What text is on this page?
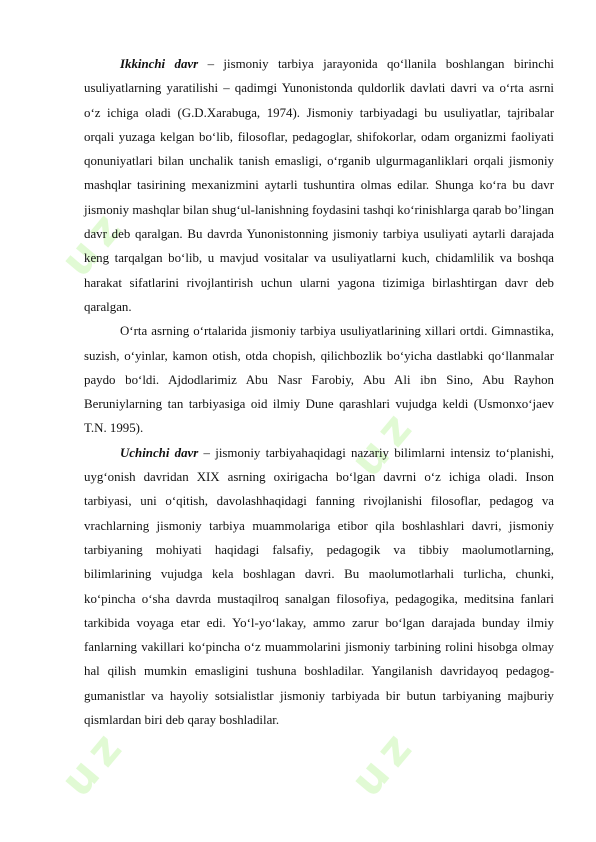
uz
uz
uz	uz

Ikkinchi davr – jismoniy tarbiya jarayonida qo‘llanila boshlangan birinchi usuliyatlarning yaratilishi – qadimgi Yunonistonda quldorlik davlati davri va o‘rta asrni o‘z ichiga oladi (G.D.Xarabuga, 1974). Jismoniy tarbiyadagi bu usuliyatlar, tajribalar orqali yuzaga kelgan bo‘lib, filosoflar, pedagoglar, shifokorlar, odam organizmi faoliyati qonuniyatlari bilan unchalik tanish emasligi, o‘rganib ulgurmaganliklari orqali jismoniy mashqlar tasirining mexanizmini aytarli tushuntira olmas edilar. Shunga ko‘ra bu davr jismoniy mashqlar bilan shug‘ul-lanishning foydasini tashqi ko‘rinishlarga qarab bo’lingan davr deb qaralgan. Bu davrda Yunonistonning jismoniy tarbiya usuliyati aytarli darajada keng tarqalgan bo‘lib, u mavjud vositalar va usuliyatlarni kuch, chidamlilik va boshqa harakat sifatlarini rivojlantirish uchun ularni yagona tizimiga birlashtirgan davr deb qaralgan.

O‘rta asrning o‘rtalarida jismoniy tarbiya usuliyatlarining xillari ortdi. Gimnastika, suzish, o‘yinlar, kamon otish, otda chopish, qilichbozlik bo‘yicha dastlabki qo‘llanmalar paydo bo‘ldi. Ajdodlarimiz Abu Nasr Farobiy, Abu Ali ibn Sino, Abu Rayhon Beruniylarning tan tarbiyasiga oid ilmiy Dune qarashlari vujudga keldi (Usmonxo‘jaev T.N. 1995).

Uchinchi davr – jismoniy tarbiyahaqidagi nazariy bilimlarni intensiz to‘planishi, uyg‘onish davridan XIX asrning oxirigacha bo‘lgan davrni o‘z ichiga oladi. Inson tarbiyasi, uni o‘qitish, davolashhaqidagi fanning rivojlanishi filosoflar, pedagog va vrachlarning jismoniy tarbiya muammolariga etibor qila boshlashlari davri, jismoniy tarbiyaning mohiyati haqidagi falsafiy, pedagogik va tibbiy maolumotlarning, bilimlarining vujudga kela boshlagan davri. Bu maolumotlarhali turlicha, chunki, ko‘pincha o‘sha davrda mustaqilroq sanalgan filosofiya, pedagogika, meditsina fanlari tarkibida voyaga etar edi. Yo‘l-yo‘lakay, ammo zarur bo‘lgan darajada bunday ilmiy fanlarning vakillari ko‘pincha o‘z muammolarini jismoniy tarbining rolini hisobga olmay hal qilish mumkin emasligini tushuna boshladilar. Yangilanish davridayoq pedagog-gumanistlar va hayoliy sotsialistlar jismoniy tarbiyada bir butun tarbiyaning majburiy qismlardan biri deb qaray boshladilar.
